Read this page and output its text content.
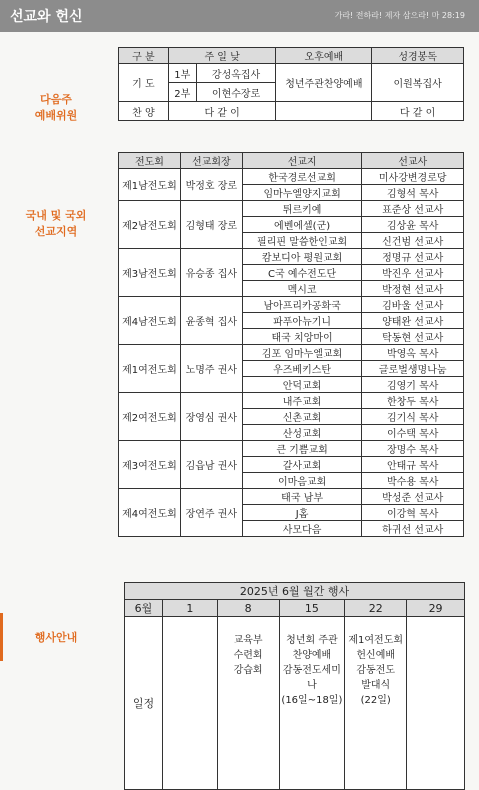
선교와 헌신	가라! 전하라! 제자 삼으라! 마 28:19
다음주
예배위원
구 분	주 일 낮		오후예배	성경봉독
기 도	1부	강성옥집사	청년주관찬양예배	이원복집사
	2부	이현수장로		
찬 양	다 같 이			다 같 이
국내 및 국외
선교지역
전도회	선교회장	선교지	선교사
제1남전도회	박정호 장로	한국경로선교회	미사강변경로당
		임마누엘양지교회	김형석 목사
제2남전도회	김형태 장로	튀르키예	표준상 선교사
		에벤에셀(군)	김상윤 목사
		필리핀 말씀한인교회	신건범 선교사
제3남전도회	유승종 집사	캄보디아 평원교회	정명규 선교사
		C국 예수전도단	박진우 선교사
		멕시코	박정현 선교사
제4남전도회	윤종혁 집사	남아프리카공화국	김바울 선교사
		파푸아뉴기니	양태완 선교사
		태국 치앙마이	탁동현 선교사
제1여전도회	노명주 권사	김포 임마누엘교회	박영옥 목사
		우즈베키스탄	글로벌생명나눔
		안덕교회	김영기 목사
제2여전도회	장영심 권사	내주교회	한창두 목사
		신촌교회	김기식 목사
		산성교회	이수택 목사
제3여전도회	김읍남 권사	큰 기쁨교회	장명수 목사
		갈사교회	안태규 목사
		이마음교회	박수용 목사
제4여전도회	장연주 권사	태국 남부	박성준 선교사
		J홈	이강혁 목사
		사모다음	하귀선 선교사
행사안내
2025년 6월 월간 행사					
6월	1	8	15	22	29
일정		교육부
수련회
강습회	청년회 주관
찬양예배
감동전도세미나
(16일~18일)	제1여전도회
헌신예배
감동전도
발대식
(22일)	
